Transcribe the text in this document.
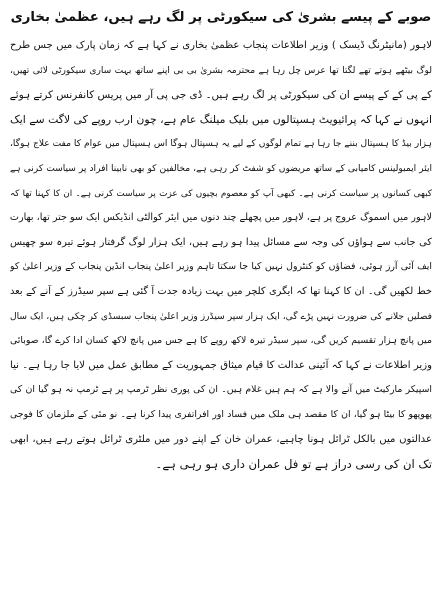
صوبے کے پیسے بشریٰ کی سیکورٹی پر لگ رہے ہیں، عظمیٰ بخاری
لاہور (مانیٹرنگ ڈیسک ) وزیر اطلاعات پنجاب عظمیٰ بخاری نے کہا ہے کہ زمان پارک میں جس طرح
لوگ بیٹھے ہوتے تھے لگتا تھا عرس چل رہا ہے محترمہ بشریٰ بی بی اپنے ساتھ بہت ساری سیکورٹی لائی تھیں،
کے پی کے کے پیسے ان کی سیکورٹی پر لگ رہے ہیں۔ ڈی جی پی آر میں پریس کانفرنس کرتے ہوئے
انہوں نے کہا کہ پرائیویٹ ہسپتالوں میں بلیک میلنگ عام ہے، چون ارب روپے کی لاگت سے ایک
ہزار بیڈ کا ہسپتال بننے جا رہا ہے تمام لوگوں کے لیے یہ ہسپتال ہوگا اس ہسپتال میں عوام کا مفت علاج ہوگا،
ایئر ایمبولینس کامیابی کے ساتھ مریضوں کو شفٹ کر رہی ہے، مخالفین کو بھی نابینا افراد پر سیاست کرنی ہے
کبھی کسانوں پر سیاست کرنی ہے۔ کبھی آپ کو معصوم بچیوں کی عزت پر سیاست کرنی ہے۔ ان کا کہنا تھا کہ
لاہور میں اسموگ عروج پر ہے، لاہور میں پچھلے چند دنوں میں ایئر کوالٹی انڈیکس ایک سو جتر تھا، بھارت
کی جانب سے ہواؤں کی وجہ سے مسائل پیدا ہو رہے ہیں، ایک ہزار لوگ گرفتار ہوئے تیرہ سو چھیس
ایف آئی آرز ہوئی، فضاؤں کو کنٹرول نہیں کیا جا سکتا تاہم وزیر اعلیٰ پنجاب انڈین پنجاب کے وزیر اعلیٰ کو
خط لکھیں گی۔ ان کا کہنا تھا کہ ایگری کلچر میں بہت زیادہ جدت آ گئی ہے سپر سیڈرز کے آنے کے بعد
فصلیں جلانے کی ضرورت نہیں پڑے گی، ایک ہزار سپر سیڈرز وزیر اعلیٰ پنجاب سبسڈی کر چکی ہیں، ایک سال
میں پانچ ہزار تقسیم کریں گی، سپر سیڈر تیرہ لاکھ روپے کا ہے جس میں پانچ لاکھ کسان ادا کرے گا، صوبائی
وزیر اطلاعات نے کہا کہ آئینی عدالت کا قیام میثاق جمہوریت کے مطابق عمل میں لایا جا رہا ہے۔ نیا
اسپیکر مارکیٹ میں آنے والا ہے کہ ہم ہیں غلام ہیں۔ ان کی پوری نظر ٹرمپ پر ہے ٹرمپ نہ ہو گیا ان کی
پھوپھو کا بیٹا ہو گیا، ان کا مقصد ہی ملک میں فساد اور افراتفری پیدا کرنا ہے۔ نو مئی کے ملزمان کا فوجی
عدالتوں میں بالکل ٹرائل ہونا چاہیے، عمران خان کے اپنے دور میں ملٹری ٹرائل ہوتے رہے ہیں، ابھی
تک ان کی رسی دراز ہے تو فل عمران داری ہو رہی ہے۔
